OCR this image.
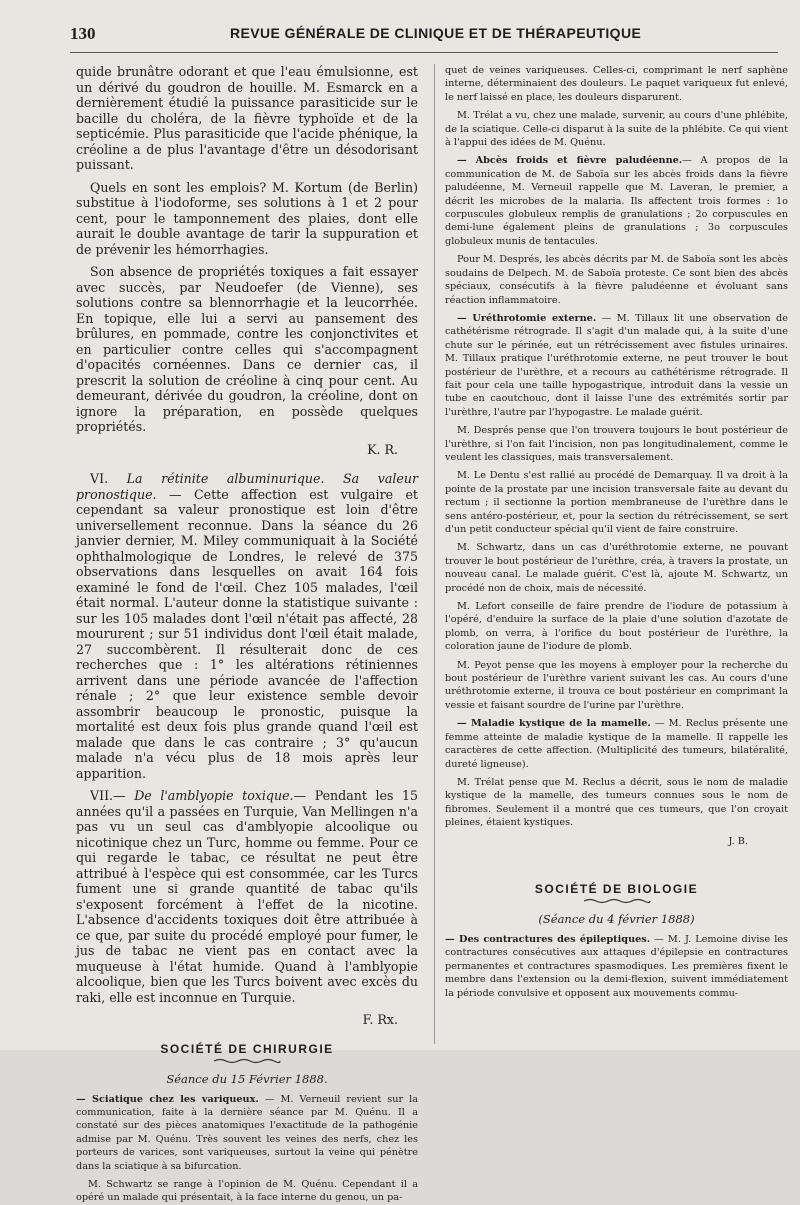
130	REVUE GÉNÉRALE DE CLINIQUE ET DE THÉRAPEUTIQUE

quide brunâtre odorant et que l'eau émulsionne, est un dérivé du goudron de houille. M. Esmarck en a dernièrement étudié la puissance parasiticide sur le bacille du choléra, de la fièvre typhoïde et de la septicémie. Plus parasiticide que l'acide phénique, la créoline a de plus l'avantage d'être un désodorisant puissant.

Quels en sont les emplois? M. Kortum (de Berlin) substitue à l'iodoforme, ses solutions à 1 et 2 pour cent, pour le tamponnement des plaies, dont elle aurait le double avantage de tarir la suppuration et de prévenir les hémorrhagies.

Son absence de propriétés toxiques a fait essayer avec succès, par Neudoefer (de Vienne), ses solutions contre sa blennorrhagie et la leucorrhée. En topique, elle lui a servi au pansement des brûlures, en pommade, contre les conjonctivites et en particulier contre celles qui s'accompagnent d'opacités cornéennes. Dans ce dernier cas, il prescrit la solution de créoline à cinq pour cent. Au demeurant, dérivée du goudron, la créoline, dont on ignore la préparation, en possède quelques propriétés.

K. R.

VI. La rétinite albuminurique. Sa valeur pronostique. — Cette affection est vulgaire et cependant sa valeur pronostique est loin d'être universellement reconnue. Dans la séance du 26 janvier dernier, M. Miley communiquait à la Société ophthalmologique de Londres, le relevé de 375 observations dans lesquelles on avait 164 fois examiné le fond de l'œil. Chez 105 malades, l'œil était normal. L'auteur donne la statistique suivante : sur les 105 malades dont l'œil n'était pas affecté, 28 moururent ; sur 51 individus dont l'œil était malade, 27 succombèrent. Il résulterait donc de ces recherches que : 1° les altérations rétiniennes arrivent dans une période avancée de l'affection rénale ; 2° que leur existence semble devoir assombrir beaucoup le pronostic, puisque la mortalité est deux fois plus grande quand l'œil est malade que dans le cas contraire ; 3° qu'aucun malade n'a vécu plus de 18 mois après leur apparition.

VII.— De l'amblyopie toxique.— Pendant les 15 années qu'il a passées en Turquie, Van Mellingen n'a pas vu un seul cas d'amblyopie alcoolique ou nicotinique chez un Turc, homme ou femme. Pour ce qui regarde le tabac, ce résultat ne peut être attribué à l'espèce qui est consommée, car les Turcs fument une si grande quantité de tabac qu'ils s'exposent forcément à l'effet de la nicotine. L'absence d'accidents toxiques doit être attribuée à ce que, par suite du procédé employé pour fumer, le jus de tabac ne vient pas en contact avec la muqueuse à l'état humide. Quand à l'amblyopie alcoolique, bien que les Turcs boivent avec excès du raki, elle est inconnue en Turquie.

F. Rx.
SOCIÉTÉ DE CHIRURGIE
Séance du 15 Février 1888.

— Sciatique chez les variqueux. — M. Verneuil revient sur la communication, faite à la dernière séance par M. Quénu. Il a constaté sur des pièces anatomiques l'exactitude de la pathogénie admise par M. Quénu. Très souvent les veines des nerfs, chez les porteurs de varices, sont variqueuses, surtout la veine qui pénètre dans la sciatique à sa bifurcation.

M. Schwartz se range à l'opinion de M. Quénu. Cependant il a opéré un malade qui présentait, à la face interne du genou, un pa-

quet de veines variqueuses. Celles-ci, comprimant le nerf saphène interne, déterminaient des douleurs. Le paquet variqueux fut enlevé, le nerf laissé en place, les douleurs disparurent.

M. Trélat a vu, chez une malade, survenir, au cours d'une phlébite, de la sciatique. Celle-ci disparut à la suite de la phlébite. Ce qui vient à l'appui des idées de M. Quénu.

— Abcès froids et fièvre paludéenne.— A propos de la communication de M. de Saboïa sur les abcès froids dans la fièvre paludéenne, M. Verneuil rappelle que M. Laveran, le premier, a décrit les microbes de la malaria. Ils affectent trois formes : 1o corpuscules globuleux remplis de granulations ; 2o corpuscules en demi-lune également pleins de granulations ; 3o corpuscules globuleux munis de tentacules.

Pour M. Després, les abcès décrits par M. de Saboïa sont les abcès soudains de Delpech. M. de Saboïa proteste. Ce sont bien des abcès spéciaux, consécutifs à la fièvre paludéenne et évoluant sans réaction inflammatoire.

— Uréthrotomie externe. — M. Tillaux lit une observation de cathétérisme rétrograde. Il s'agit d'un malade qui, à la suite d'une chute sur le périnée, eut un rétrécissement avec fistules urinaires. M. Tillaux pratique l'uréthrotomie externe, ne peut trouver le bout postérieur de l'urèthre, et a recours au cathétérisme rétrograde. Il fait pour cela une taille hypogastrique, introduit dans la vessie un tube en caoutchouc, dont il laisse l'une des extrémités sortir par l'urèthre, l'autre par l'hypogastre. Le malade guérit.

M. Després pense que l'on trouvera toujours le bout postérieur de l'urèthre, si l'on fait l'incision, non pas longitudinalement, comme le veulent les classiques, mais transversalement.

M. Le Dentu s'est rallié au procédé de Demarquay. Il va droit à la pointe de la prostate par une incision transversale faite au devant du rectum ; il sectionne la portion membraneuse de l'urèthre dans le sens antéro-postérieur, et, pour la section du rétrécissement, se sert d'un petit conducteur spécial qu'il vient de faire construire.

M. Schwartz, dans un cas d'uréthrotomie externe, ne pouvant trouver le bout postérieur de l'urèthre, créa, à travers la prostate, un nouveau canal. Le malade guérit. C'est là, ajoute M. Schwartz, un procédé non de choix, mais de nécessité.

M. Lefort conseille de faire prendre de l'iodure de potassium à l'opéré, d'enduire la surface de la plaie d'une solution d'azotate de plomb, on verra, à l'orifice du bout postérieur de l'urèthre, la coloration jaune de l'iodure de plomb.

M. Peyot pense que les moyens à employer pour la recherche du bout postérieur de l'urèthre varient suivant les cas. Au cours d'une uréthrotomie externe, il trouva ce bout postérieur en comprimant la vessie et faisant sourdre de l'urine par l'urèthre.

— Maladie kystique de la mamelle. — M. Reclus présente une femme atteinte de maladie kystique de la mamelle. Il rappelle les caractères de cette affection. (Multiplicité des tumeurs, bilatéralité, dureté ligneuse).

M. Trélat pense que M. Reclus a décrit, sous le nom de maladie kystique de la mamelle, des tumeurs connues sous le nom de fibromes. Seulement il a montré que ces tumeurs, que l'on croyait pleines, étaient kystiques.

J. B.
SOCIÉTÉ DE BIOLOGIE
(Séance du 4 février 1888)

— Des contractures des épileptiques. — M. J. Lemoine divise les contractures consécutives aux attaques d'épilepsie en contractures permanentes et contractures spasmodiques. Les premières fixent le membre dans l'extension ou la demi-flexion, suivent immédiatement la période convulsive et opposent aux mouvements commu-
